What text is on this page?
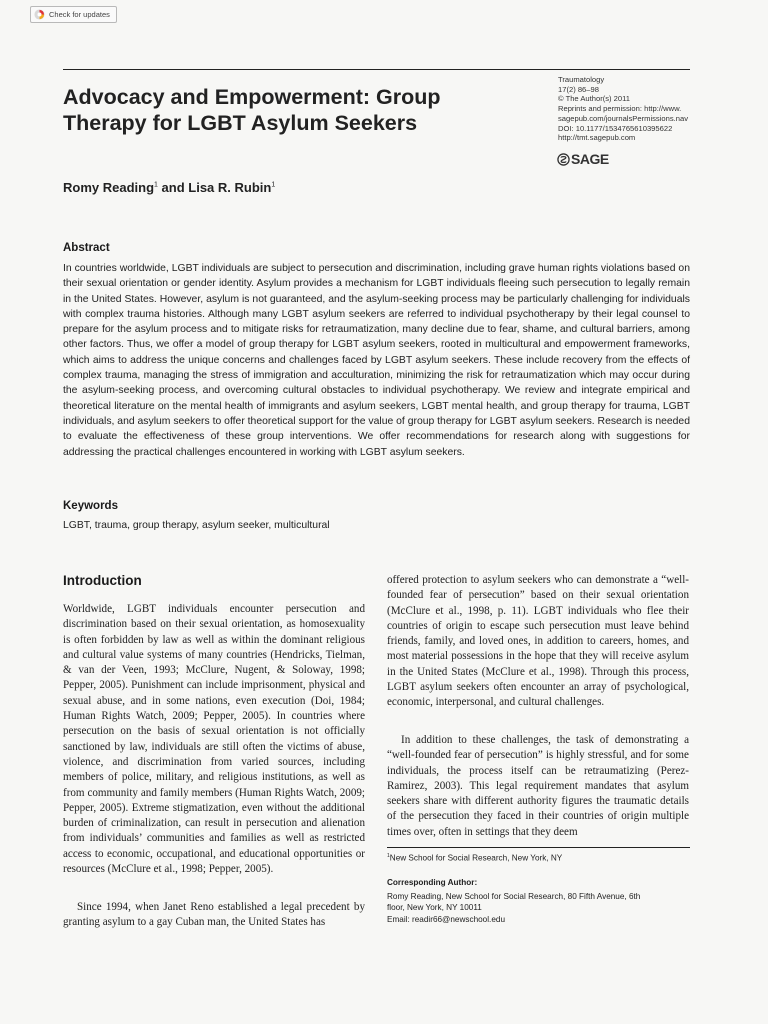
Check for updates
Advocacy and Empowerment: Group Therapy for LGBT Asylum Seekers
Traumatology
17(2) 86–98
© The Author(s) 2011
Reprints and permission: http://www.
sagepub.com/journalsPermissions.nav
DOI: 10.1177/1534765610395622
http://tmt.sagepub.com
SAGE
Romy Reading$^1$ and Lisa R. Rubin$^1$
Abstract

In countries worldwide, LGBT individuals are subject to persecution and discrimination, including grave human rights violations based on their sexual orientation or gender identity. Asylum provides a mechanism for LGBT individuals fleeing such persecution to legally remain in the United States. However, asylum is not guaranteed, and the asylum-seeking process may be particularly challenging for individuals with complex trauma histories. Although many LGBT asylum seekers are referred to individual psychotherapy by their legal counsel to prepare for the asylum process and to mitigate risks for retraumatization, many decline due to fear, shame, and cultural barriers, among other factors. Thus, we offer a model of group therapy for LGBT asylum seekers, rooted in multicultural and empowerment frameworks, which aims to address the unique concerns and challenges faced by LGBT asylum seekers. These include recovery from the effects of complex trauma, managing the stress of immigration and acculturation, minimizing the risk for retraumatization which may occur during the asylum-seeking process, and overcoming cultural obstacles to individual psychotherapy. We review and integrate empirical and theoretical literature on the mental health of immigrants and asylum seekers, LGBT mental health, and group therapy for trauma, LGBT individuals, and asylum seekers to offer theoretical support for the value of group therapy for LGBT asylum seekers. Research is needed to evaluate the effectiveness of these group interventions. We offer recommendations for research along with suggestions for addressing the practical challenges encountered in working with LGBT asylum seekers.

Keywords

LGBT, trauma, group therapy, asylum seeker, multicultural

Introduction

Worldwide, LGBT individuals encounter persecution and discrimination based on their sexual orientation, as homosexuality is often forbidden by law as well as within the dominant religious and cultural value systems of many countries (Hendricks, Tielman, & van der Veen, 1993; McClure, Nugent, & Soloway, 1998; Pepper, 2005). Punishment can include imprisonment, physical and sexual abuse, and in some nations, even execution (Doi, 1984; Human Rights Watch, 2009; Pepper, 2005). In countries where persecution on the basis of sexual orientation is not officially sanctioned by law, individuals are still often the victims of abuse, violence, and discrimination from varied sources, including members of police, military, and religious institutions, as well as from community and family members (Human Rights Watch, 2009; Pepper, 2005). Extreme stigmatization, even without the additional burden of criminalization, can result in persecution and alienation from individuals’ communities and families as well as restricted access to economic, occupational, and educational opportunities or resources (McClure et al., 1998; Pepper, 2005).

Since 1994, when Janet Reno established a legal precedent by granting asylum to a gay Cuban man, the United States has

offered protection to asylum seekers who can demonstrate a “well-founded fear of persecution” based on their sexual orientation (McClure et al., 1998, p. 11). LGBT individuals who flee their countries of origin to escape such persecution must leave behind friends, family, and loved ones, in addition to careers, homes, and most material possessions in the hope that they will receive asylum in the United States (McClure et al., 1998). Through this process, LGBT asylum seekers often encounter an array of psychological, economic, interpersonal, and cultural challenges.

In addition to these challenges, the task of demonstrating a “well-founded fear of persecution” is highly stressful, and for some individuals, the process itself can be retraumatizing (Perez-Ramirez, 2003). This legal requirement mandates that asylum seekers share with different authority figures the traumatic details of the persecution they faced in their countries of origin multiple times over, often in settings that they deem

$^1$New School for Social Research, New York, NY
Corresponding Author:
Romy Reading, New School for Social Research, 80 Fifth Avenue, 6th
floor, New York, NY 10011
Email: readir66@newschool.edu
